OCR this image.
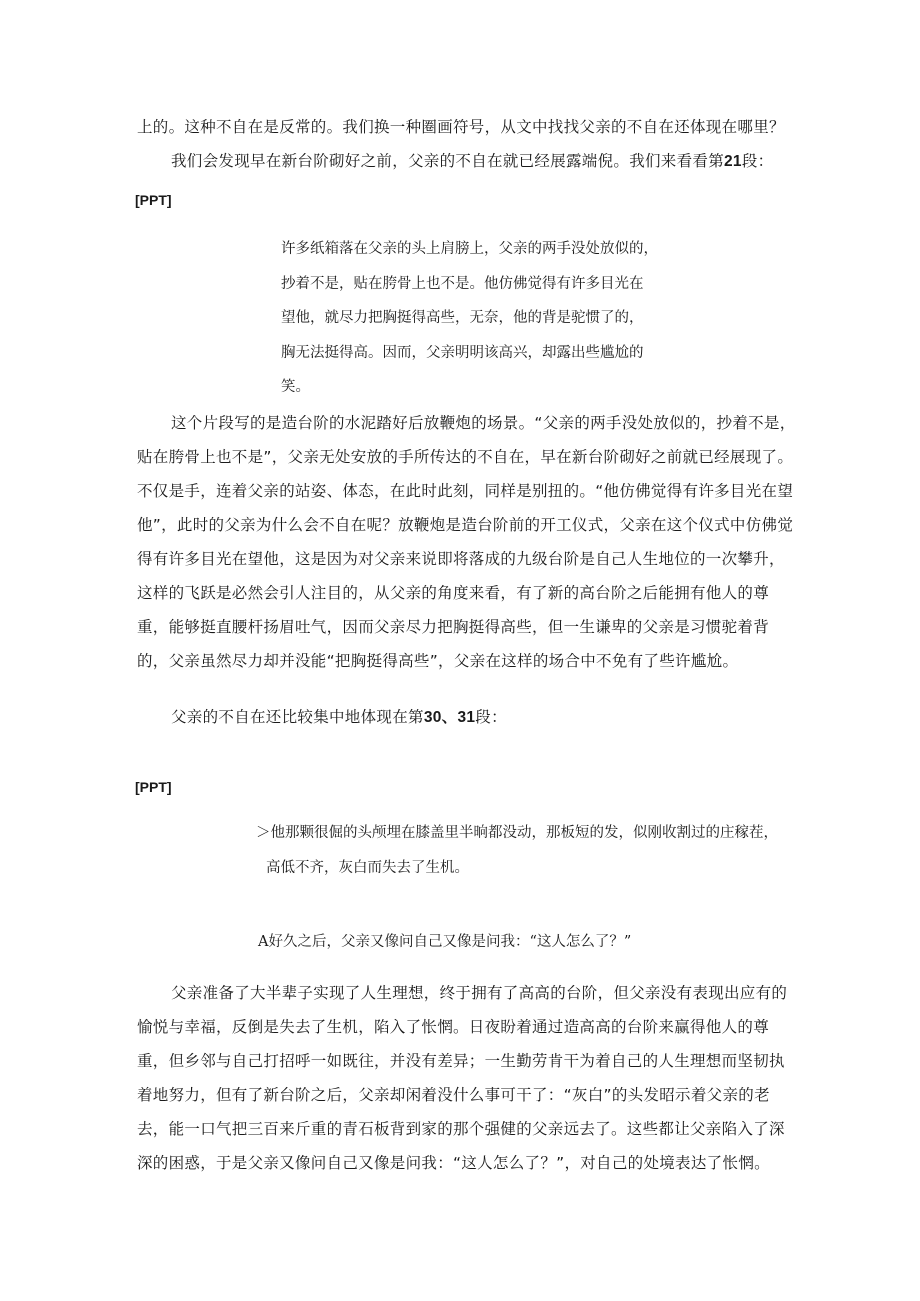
上的。这种不自在是反常的。我们换一种圈画符号，从文中找找父亲的不自在还体现在哪里？

我们会发现早在新台阶砌好之前，父亲的不自在就已经展露端倪。我们来看看第21段：

[PPT]

许多纸箱落在父亲的头上肩膀上，父亲的两手没处放似的，
抄着不是，贴在胯骨上也不是。他仿佛觉得有许多目光在
望他，就尽力把胸挺得高些，无奈，他的背是驼惯了的，
胸无法挺得高。因而，父亲明明该高兴，却露出些尴尬的
笑。

这个片段写的是造台阶的水泥踏好后放鞭炮的场景。“父亲的两手没处放似的，抄着不是，贴在胯骨上也不是”，父亲无处安放的手所传达的不自在，早在新台阶砌好之前就已经展现了。不仅是手，连着父亲的站姿、体态，在此时此刻，同样是别扭的。“他仿佛觉得有许多目光在望他”，此时的父亲为什么会不自在呢？放鞭炮是造台阶前的开工仪式，父亲在这个仪式中仿佛觉得有许多目光在望他，这是因为对父亲来说即将落成的九级台阶是自己人生地位的一次攀升，这样的飞跃是必然会引人注目的，从父亲的角度来看，有了新的高台阶之后能拥有他人的尊重，能够挺直腰杆扬眉吐气，因而父亲尽力把胸挺得高些，但一生谦卑的父亲是习惯驼着背的，父亲虽然尽力却并没能“把胸挺得高些”，父亲在这样的场合中不免有了些许尴尬。

父亲的不自在还比较集中地体现在第30、31段：

[PPT]

＞他那颗很倔的头颅埋在膝盖里半晌都没动，那板短的发，似刚收割过的庄稼茬，

高低不齐，灰白而失去了生机。

A好久之后，父亲又像问自己又像是问我：“这人怎么了？”

父亲准备了大半辈子实现了人生理想，终于拥有了高高的台阶，但父亲没有表现出应有的愉悦与幸福，反倒是失去了生机，陷入了怅惘。日夜盼着通过造高高的台阶来赢得他人的尊重，但乡邻与自己打招呼一如既往，并没有差异；一生勤劳肯干为着自己的人生理想而坚韧执着地努力，但有了新台阶之后，父亲却闲着没什么事可干了：“灰白”的头发昭示着父亲的老去，能一口气把三百来斤重的青石板背到家的那个强健的父亲远去了。这些都让父亲陷入了深深的困惑，于是父亲又像问自己又像是问我：“这人怎么了？”，对自己的处境表达了怅惘。
